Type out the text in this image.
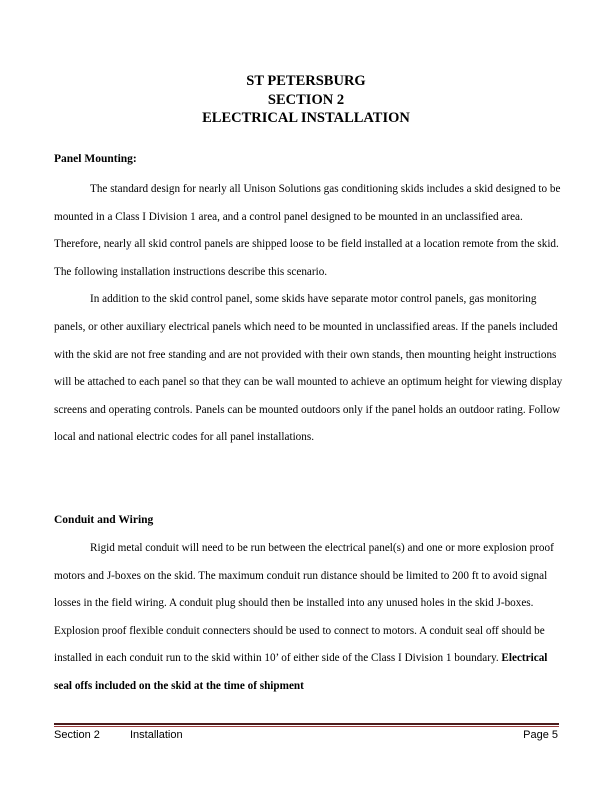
ST PETERSBURG
SECTION 2
ELECTRICAL INSTALLATION
Panel Mounting:

The standard design for nearly all Unison Solutions gas conditioning skids includes a skid designed to be mounted in a Class I Division 1 area, and a control panel designed to be mounted in an unclassified area. Therefore, nearly all skid control panels are shipped loose to be field installed at a location remote from the skid. The following installation instructions describe this scenario.

In addition to the skid control panel, some skids have separate motor control panels, gas monitoring panels, or other auxiliary electrical panels which need to be mounted in unclassified areas. If the panels included with the skid are not free standing and are not provided with their own stands, then mounting height instructions will be attached to each panel so that they can be wall mounted to achieve an optimum height for viewing display screens and operating controls. Panels can be mounted outdoors only if the panel holds an outdoor rating. Follow local and national electric codes for all panel installations.

Conduit and Wiring

Rigid metal conduit will need to be run between the electrical panel(s) and one or more explosion proof motors and J-boxes on the skid. The maximum conduit run distance should be limited to 200 ft to avoid signal losses in the field wiring. A conduit plug should then be installed into any unused holes in the skid J-boxes. Explosion proof flexible conduit connecters should be used to connect to motors. A conduit seal off should be installed in each conduit run to the skid within 10’ of either side of the Class I Division 1 boundary. Electrical seal offs included on the skid at the time of shipment

Section 2	Installation	Page 5
